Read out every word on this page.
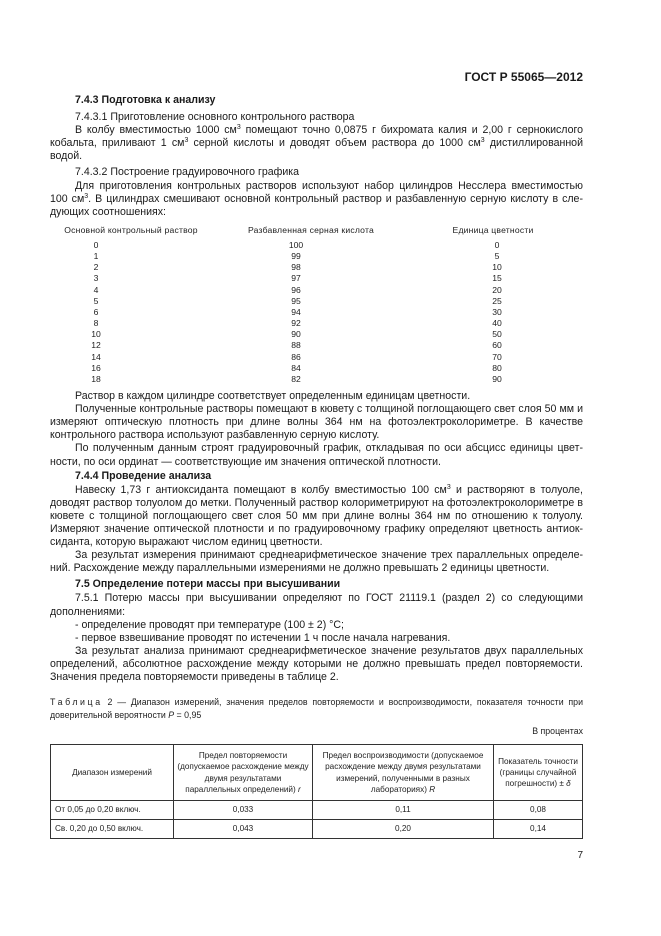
ГОСТ Р 55065—2012

7.4.3 Подготовка к анализу

7.4.3.1 Приготовление основного контрольного раствора

В колбу вместимостью 1000 $см^3$ помещают точно 0,0875 г бихромата калия и 2,00 г сернокислого кобальта, приливают 1 $см^3$ серной кислоты и доводят объем раствора до 1000 $см^3$ дистиллированной водой.

7.4.3.2 Построение градуировочного графика

Для приготовления контрольных растворов используют набор цилиндров Несслера вместимостью 100 $см^3$. В цилиндрах смешивают основной контрольный раствор и разбавленную серную кислоту в следующих соотношениях:

Основной контрольный раствор	Разбавленная серная кислота	Единица цветности
0	100	0
1	99	5
2	98	10
3	97	15
4	96	20
5	95	25
6	94	30
8	92	40
10	90	50
12	88	60
14	86	70
16	84	80
18	82	90

Раствор в каждом цилиндре соответствует определенным единицам цветности.

Полученные контрольные растворы помещают в кювету с толщиной поглощающего свет слоя 50 мм и измеряют оптическую плотность при длине волны 364 нм на фотоэлектроколориметре. В качестве контрольного раствора используют разбавленную серную кислоту.

По полученным данным строят градуировочный график, откладывая по оси абсцисс единицы цветности, по оси ординат — соответствующие им значения оптической плотности.

7.4.4 Проведение анализа

Навеску 1,73 г антиоксиданта помещают в колбу вместимостью 100 $см^3$ и растворяют в толуоле, доводят раствор толуолом до метки. Полученный раствор колориметрируют на фотоэлектроколориметре в кювете с толщиной поглощающего свет слоя 50 мм при длине волны 364 нм по отношению к толуолу. Измеряют значение оптической плотности и по градуировочному графику определяют цветность антиоксиданта, которую выражают числом единиц цветности.

За результат измерения принимают среднеарифметическое значение трех параллельных определений. Расхождение между параллельными измерениями не должно превышать 2 единицы цветности.

7.5 Определение потери массы при высушивании

7.5.1 Потерю массы при высушивании определяют по ГОСТ 21119.1 (раздел 2) со следующими дополнениями:

- определение проводят при температуре (100 ± 2) °С;

- первое взвешивание проводят по истечении 1 ч после начала нагревания.

За результат анализа принимают среднеарифметическое значение результатов двух параллельных определений, абсолютное расхождение между которыми не должно превышать предел повторяемости. Значения предела повторяемости приведены в таблице 2.

Таблица 2 — Диапазон измерений, значения пределов повторяемости и воспроизводимости, показателя точности при доверительной вероятности P = 0,95

В процентах
Диапазон измерений	Предел повторяемости (допускаемое расхождение между двумя результатами параллельных определений) r	Предел воспроизводимости (допускаемое расхождение между двумя результатами измерений, полученными в разных лабораториях) R	Показатель точности (границы случайной погрешности) ± δ
От 0,05 до 0,20 включ.	0,033	0,11	0,08
Св. 0,20 до 0,50 включ.	0,043	0,20	0,14
7
